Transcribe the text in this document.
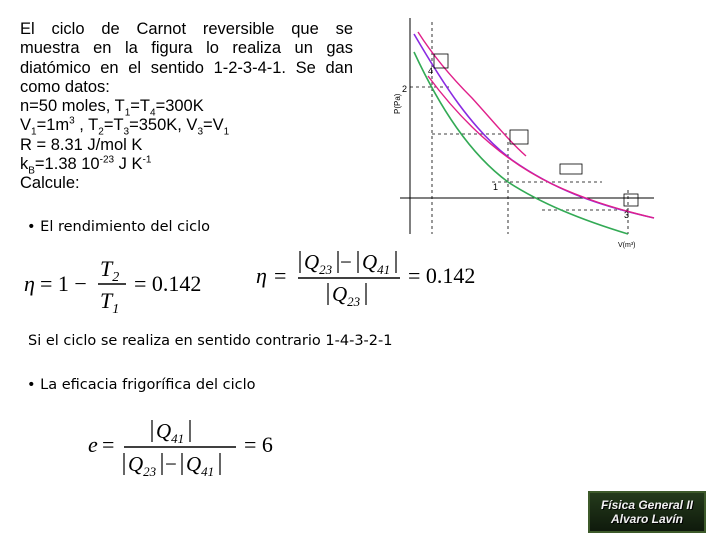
El ciclo de Carnot reversible que se
muestra en la figura lo realiza un gas
diatómico en el sentido 1-2-3-4-1. Se dan
como datos:
n=50 moles, $T_1=T_4=300K$
$V_1=1m^3$ , $T_2=T_3=350K$, $V_3=V_1$
R = 8.31 J/mol K
$k_B=1.38$ $10^{-23}$ J $K^{-1}$
Calcule:
• El rendimiento del ciclo
η = 1 −
$T_2$
$T_1$
= 0.142 η =
$Q_{23} - Q_{41}$
$Q_{23}$
= 0.142
Si el ciclo se realiza en sentido contrario 1-4-3-2-1
• La eficacia frigorífica del ciclo
e =
$Q_{41}$
$Q_{23} - Q_{41}$
= 6
P(Pa)
V(m³)
1
2
3
4
Física General II
Alvaro Lavín
